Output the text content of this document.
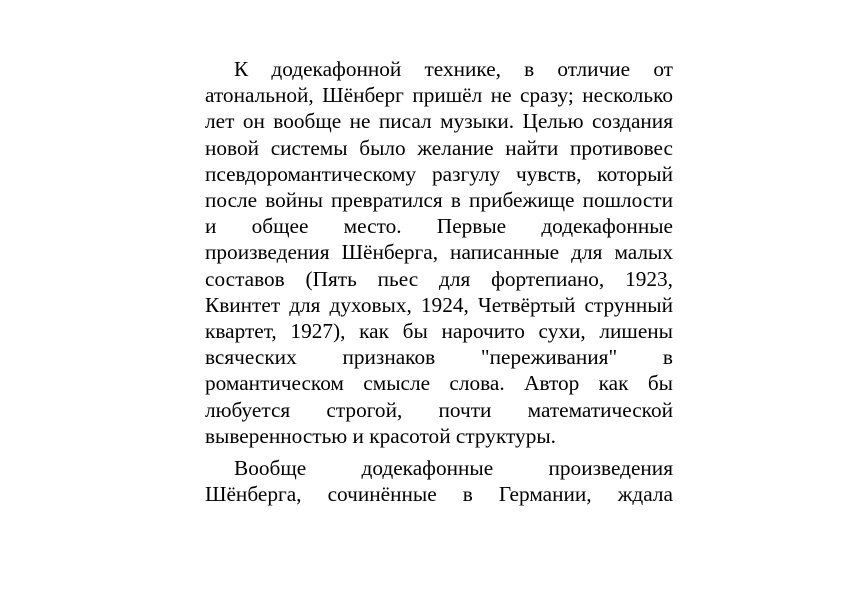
К додекафонной технике, в отличие от атональной, Шёнберг пришёл не сразу; несколько лет он вообще не писал музыки. Целью создания новой системы было желание найти противовес псевдоромантическому разгулу чувств, который после войны превратился в прибежище пошлости и общее место. Первые додекафонные произведения Шёнберга, написанные для малых составов (Пять пьес для фортепиано, 1923, Квинтет для духовых, 1924, Четвёртый струнный квартет, 1927), как бы нарочито сухи, лишены всяческих признаков "переживания" в романтическом смысле слова. Автор как бы любуется строгой, почти математической выверенностью и красотой структуры.

Вообще додекафонные произведения Шёнберга, сочинённые в Германии, ждала
